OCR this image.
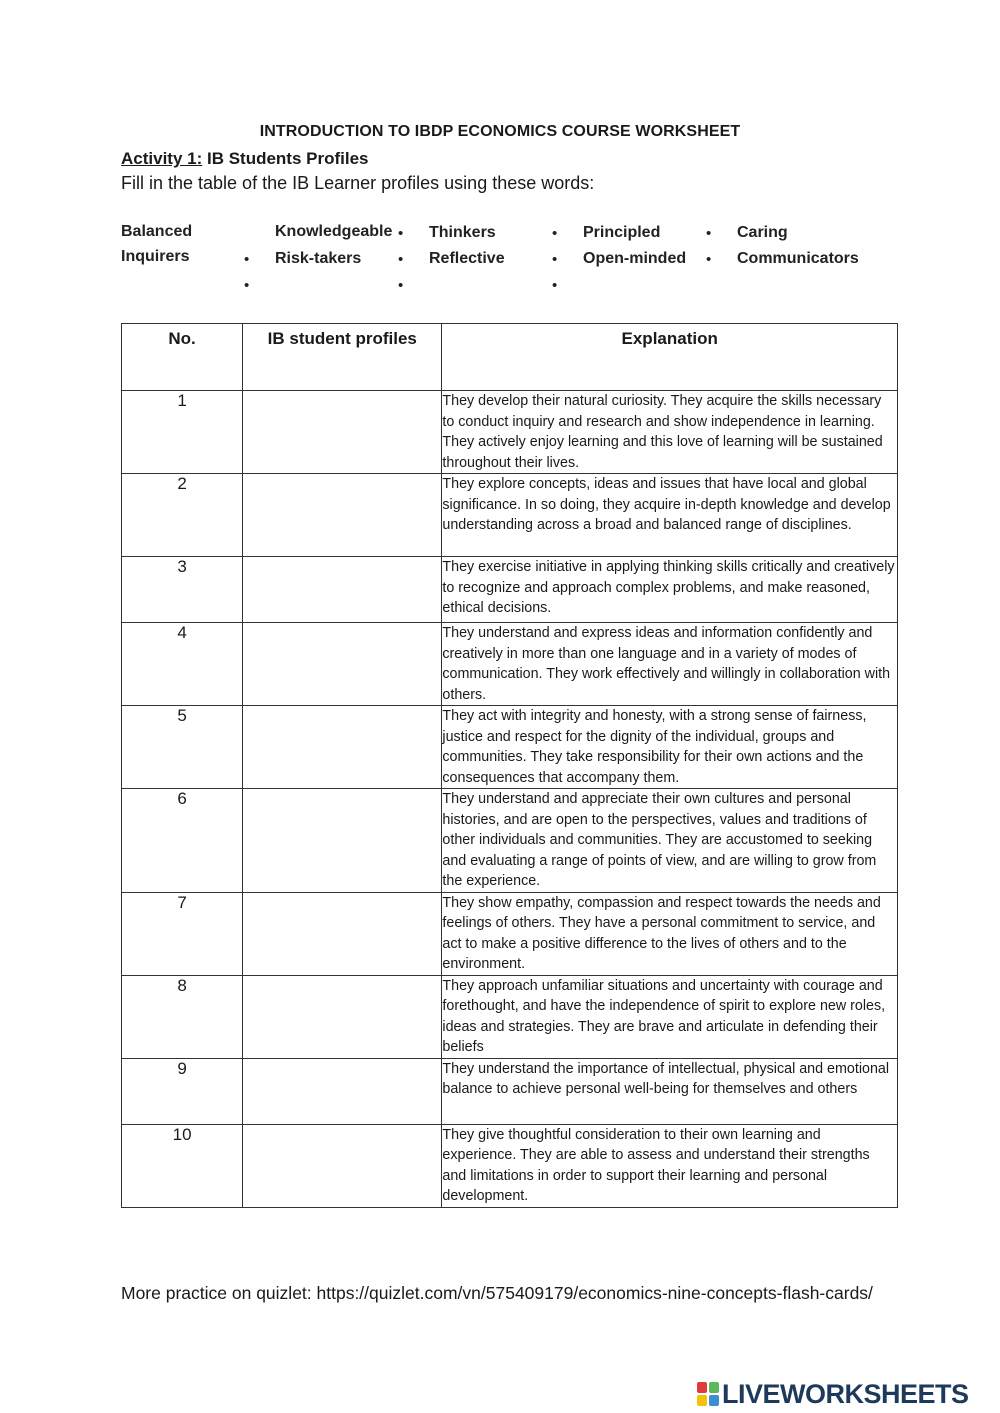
INTRODUCTION TO IBDP ECONOMICS COURSE WORKSHEET
Activity 1: IB Students Profiles
Fill in the table of the IB Learner profiles using these words:
Balanced
Inquirers	•
•
Knowledgeable
Risk-takers
•
•
•
Thinkers
Reflective
•
•
•
Principled
Open-minded
•
•
Caring
Communicators
No.	IB student profiles	Explanation
1		They develop their natural curiosity. They acquire the skills necessary to conduct inquiry and research and show independence in learning. They actively enjoy learning and this love of learning will be sustained throughout their lives.
2		They explore concepts, ideas and issues that have local and global significance. In so doing, they acquire in-depth knowledge and develop understanding across a broad and balanced range of disciplines.
3		They exercise initiative in applying thinking skills critically and creatively to recognize and approach complex problems, and make reasoned, ethical decisions.
4		They understand and express ideas and information confidently and creatively in more than one language and in a variety of modes of communication. They work effectively and willingly in collaboration with others.
5		They act with integrity and honesty, with a strong sense of fairness, justice and respect for the dignity of the individual, groups and communities. They take responsibility for their own actions and the consequences that accompany them.
6		They understand and appreciate their own cultures and personal histories, and are open to the perspectives, values and traditions of other individuals and communities. They are accustomed to seeking and evaluating a range of points of view, and are willing to grow from the experience.
7		They show empathy, compassion and respect towards the needs and feelings of others. They have a personal commitment to service, and act to make a positive difference to the lives of others and to the environment.
8		They approach unfamiliar situations and uncertainty with courage and forethought, and have the independence of spirit to explore new roles, ideas and strategies. They are brave and articulate in defending their beliefs
9		They understand the importance of intellectual, physical and emotional balance to achieve personal well-being for themselves and others
10		They give thoughtful consideration to their own learning and experience. They are able to assess and understand their strengths and limitations in order to support their learning and personal development.
More practice on quizlet: https://quizlet.com/vn/575409179/economics-nine-concepts-flash-cards/
LIVEWORKSHEETS
